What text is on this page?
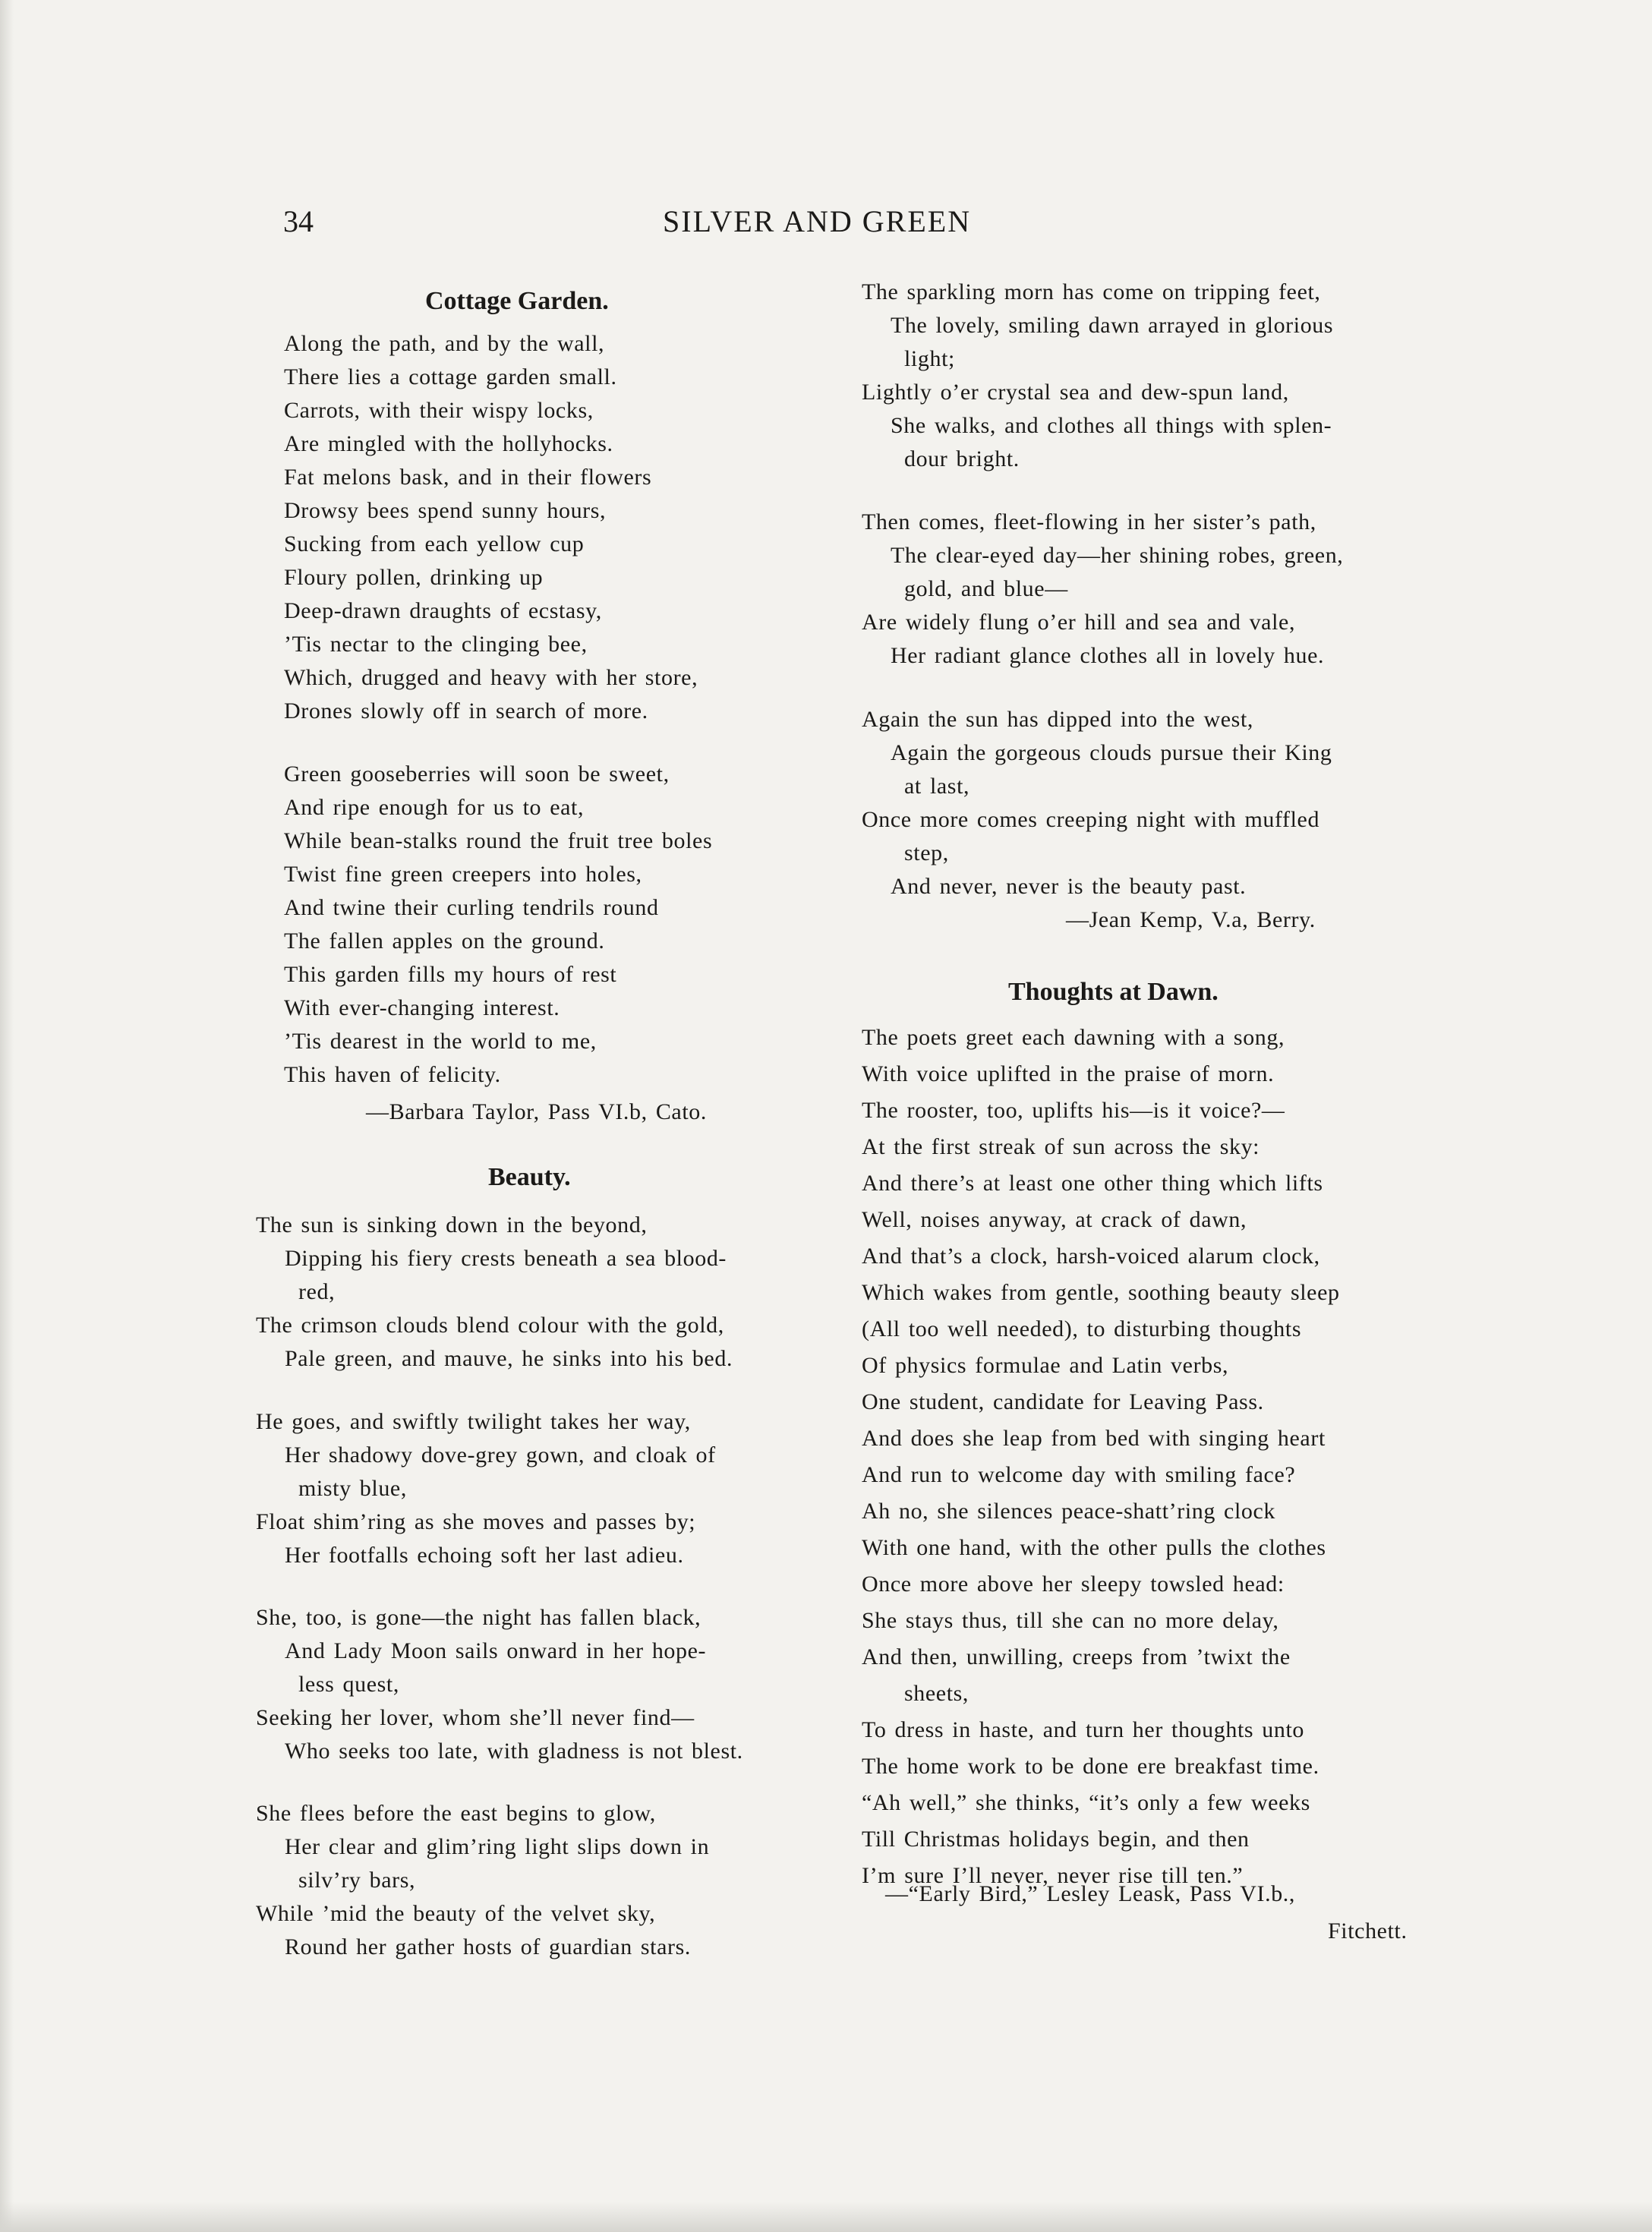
34	SILVER AND GREEN
Cottage Garden.
Along the path, and by the wall,
There lies a cottage garden small.
Carrots, with their wispy locks,
Are mingled with the hollyhocks.
Fat melons bask, and in their flowers
Drowsy bees spend sunny hours,
Sucking from each yellow cup
Floury pollen, drinking up
Deep-drawn draughts of ecstasy,
’Tis nectar to the clinging bee,
Which, drugged and heavy with her store,
Drones slowly off in search of more.
Green gooseberries will soon be sweet,
And ripe enough for us to eat,
While bean-stalks round the fruit tree boles
Twist fine green creepers into holes,
And twine their curling tendrils round
The fallen apples on the ground.
This garden fills my hours of rest
With ever-changing interest.
’Tis dearest in the world to me,
This haven of felicity.
—Barbara Taylor, Pass VI.b, Cato.
Beauty.
The sun is sinking down in the beyond,
Dipping his fiery crests beneath a sea blood-
red,
The crimson clouds blend colour with the gold,
Pale green, and mauve, he sinks into his bed.
He goes, and swiftly twilight takes her way,
Her shadowy dove-grey gown, and cloak of
misty blue,
Float shim’ring as she moves and passes by;
Her footfalls echoing soft her last adieu.
She, too, is gone—the night has fallen black,
And Lady Moon sails onward in her hope-
less quest,
Seeking her lover, whom she’ll never find—
Who seeks too late, with gladness is not blest.
She flees before the east begins to glow,
Her clear and glim’ring light slips down in
silv’ry bars,
While ’mid the beauty of the velvet sky,
Round her gather hosts of guardian stars.
The sparkling morn has come on tripping feet,
The lovely, smiling dawn arrayed in glorious
light;
Lightly o’er crystal sea and dew-spun land,
She walks, and clothes all things with splen-
dour bright.
Then comes, fleet-flowing in her sister’s path,
The clear-eyed day—her shining robes, green,
gold, and blue—
Are widely flung o’er hill and sea and vale,
Her radiant glance clothes all in lovely hue.
Again the sun has dipped into the west,
Again the gorgeous clouds pursue their King
at last,
Once more comes creeping night with muffled
step,
And never, never is the beauty past.
—Jean Kemp, V.a, Berry.
Thoughts at Dawn.
The poets greet each dawning with a song,
With voice uplifted in the praise of morn.
The rooster, too, uplifts his—is it voice?—
At the first streak of sun across the sky:
And there’s at least one other thing which lifts
Well, noises anyway, at crack of dawn,
And that’s a clock, harsh-voiced alarum clock,
Which wakes from gentle, soothing beauty sleep
(All too well needed), to disturbing thoughts
Of physics formulae and Latin verbs,
One student, candidate for Leaving Pass.
And does she leap from bed with singing heart
And run to welcome day with smiling face?
Ah no, she silences peace-shatt’ring clock
With one hand, with the other pulls the clothes
Once more above her sleepy towsled head:
She stays thus, till she can no more delay,
And then, unwilling, creeps from ’twixt the
sheets,
To dress in haste, and turn her thoughts unto
The home work to be done ere breakfast time.
“Ah well,” she thinks, “it’s only a few weeks
Till Christmas holidays begin, and then
I’m sure I’ll never, never rise till ten.”
—“Early Bird,” Lesley Leask, Pass VI.b.,
Fitchett.
